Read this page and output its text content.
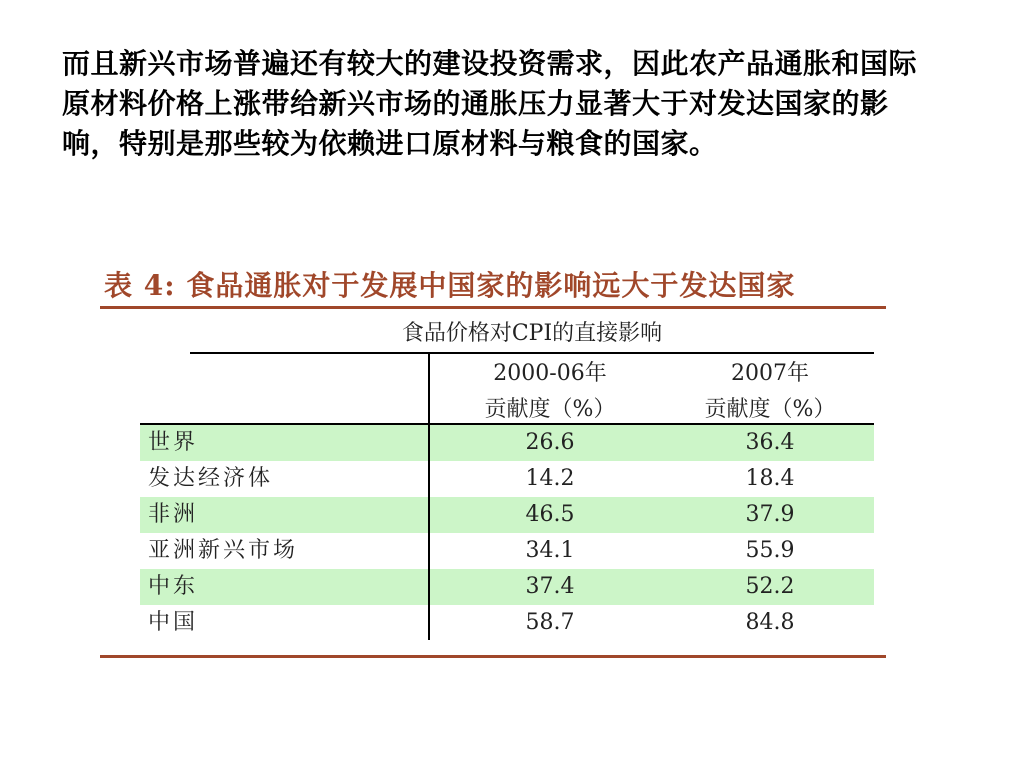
而且新兴市场普遍还有较大的建设投资需求，因此农产品通胀和国际原材料价格上涨带给新兴市场的通胀压力显著大于对发达国家的影响，特别是那些较为依赖进口原材料与粮食的国家。

表 4: 食品通胀对于发展中国家的影响远大于发达国家
食品价格对CPI的直接影响
2000-06年
贡献度（%）
2007年
贡献度（%）
世界	26.6	36.4
发达经济体	14.2	18.4
非洲	46.5	37.9
亚洲新兴市场	34.1	55.9
中东	37.4	52.2
中国	58.7	84.8
